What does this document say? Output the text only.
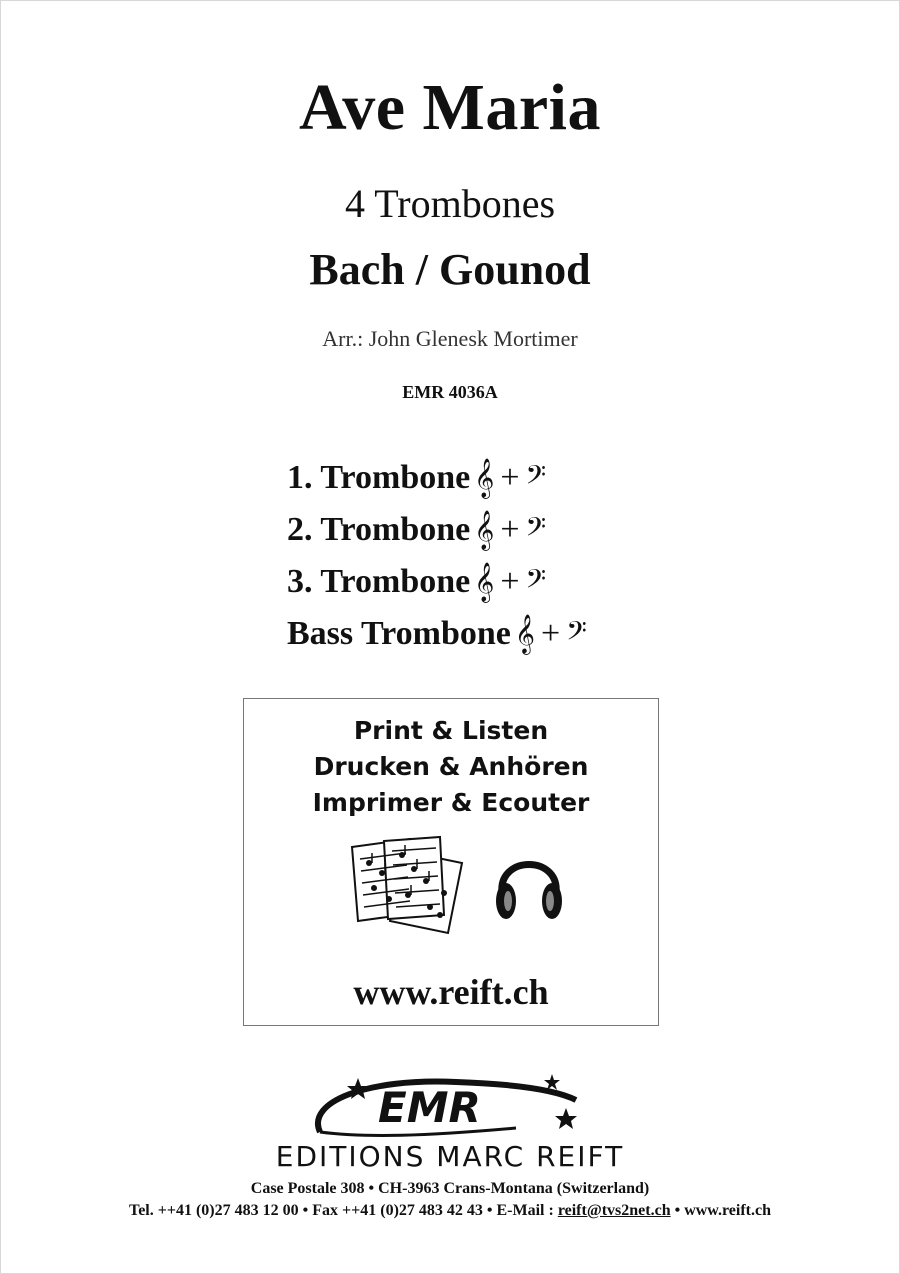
Ave Maria
4 Trombones
Bach / Gounod
Arr.: John Glenesk Mortimer
EMR 4036A
1. Trombone 𝄞 + 𝄢
2. Trombone 𝄞 + 𝄢
3. Trombone 𝄞 + 𝄢
Bass Trombone 𝄞 + 𝄢
Print & Listen
Drucken & Anhören
Imprimer & Ecouter
www.reift.ch
EMR
EDITIONS MARC REIFT
Case Postale 308 • CH-3963 Crans-Montana (Switzerland)
Tel. ++41 (0)27 483 12 00 • Fax ++41 (0)27 483 42 43 • E-Mail : reift@tvs2net.ch • www.reift.ch
